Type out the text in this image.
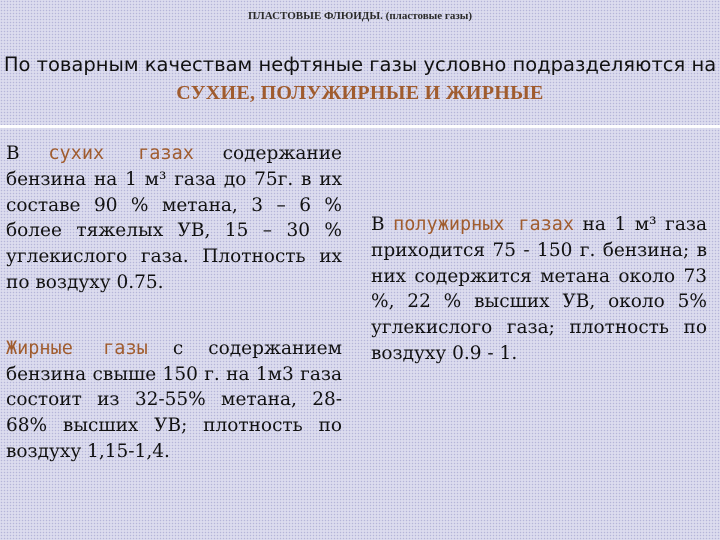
ПЛАСТОВЫЕ ФЛЮИДЫ. (пластовые газы)
По товарным качествам нефтяные газы условно подразделяются на
СУХИЕ, ПОЛУЖИРНЫЕ И ЖИРНЫЕ

В сухих газах содержание бензина на 1 м³ газа до 75г. в их составе 90 % метана, 3 – 6 % более тяжелых УВ, 15 – 30 % углекислого газа. Плотность их по воздуху 0.75.

Жирные газы с содержанием бензина свыше 150 г. на 1м3 газа состоит из 32-55% метана, 28-68% высших УВ; плотность по воздуху 1,15-1,4.

В полужирных газах на 1 м³ газа приходится 75 - 150 г. бензина; в них содержится метана около 73 %, 22 % высших УВ, около 5% углекислого газа; плотность по воздуху 0.9 - 1.
